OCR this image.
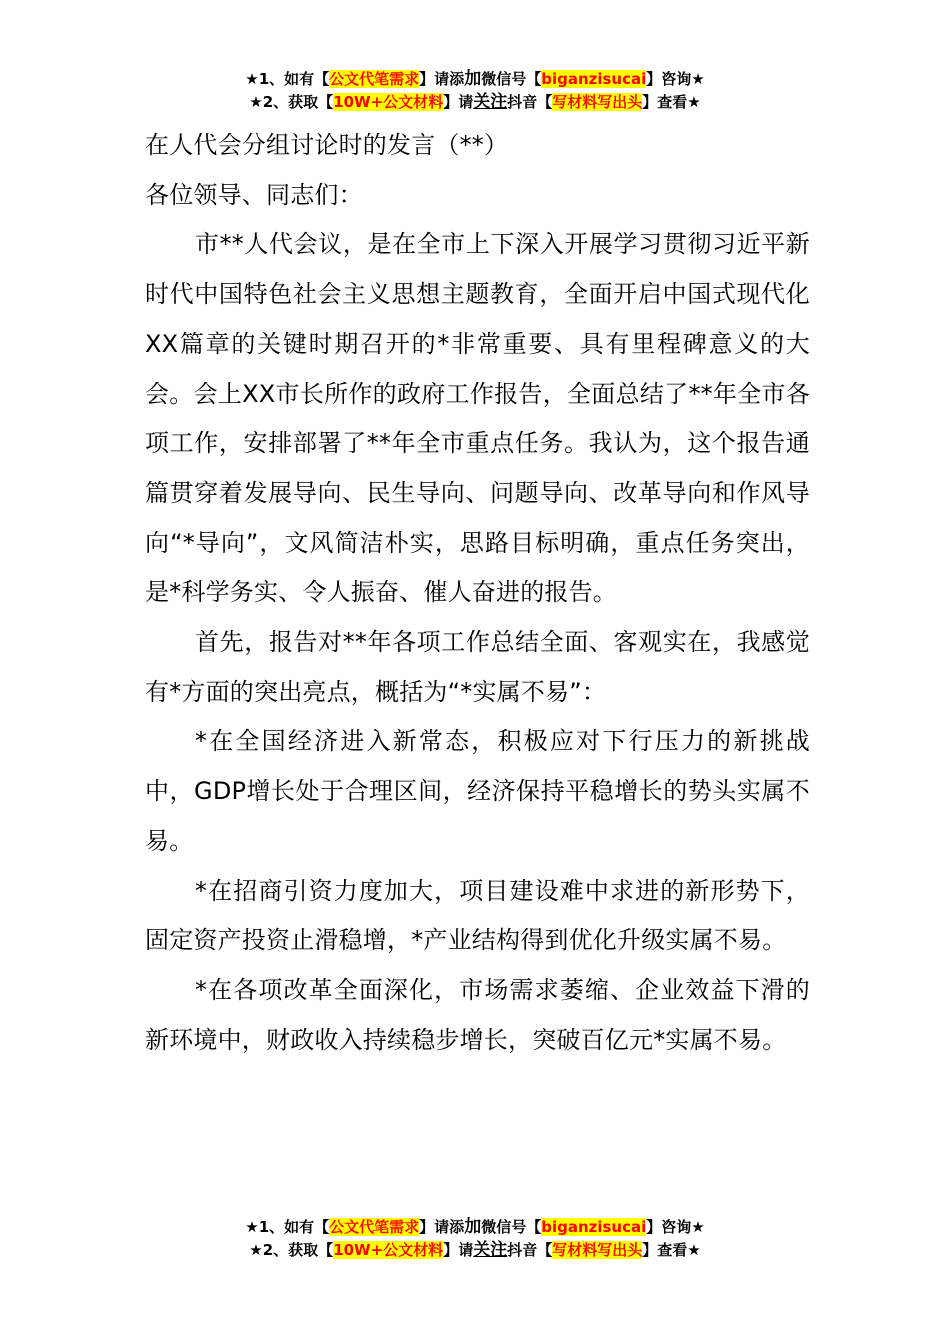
★1、如有【公文代笔需求】请添加微信号【biganzisucai】咨询★
★2、获取【10W+公文材料】请关注抖音【写材料写出头】查看★

在人代会分组讨论时的发言（**）

各位领导、同志们：

市**人代会议，是在全市上下深入开展学习贯彻习近平新时代中国特色社会主义思想主题教育，全面开启中国式现代化XX篇章的关键时期召开的*非常重要、具有里程碑意义的大会。会上XX市长所作的政府工作报告，全面总结了**年全市各项工作，安排部署了**年全市重点任务。我认为，这个报告通篇贯穿着发展导向、民生导向、问题导向、改革导向和作风导向“*导向”，文风简洁朴实，思路目标明确，重点任务突出，是*科学务实、令人振奋、催人奋进的报告。

首先，报告对**年各项工作总结全面、客观实在，我感觉有*方面的突出亮点，概括为“*实属不易”：

*在全国经济进入新常态，积极应对下行压力的新挑战中，GDP增长处于合理区间，经济保持平稳增长的势头实属不易。

*在招商引资力度加大，项目建设难中求进的新形势下，固定资产投资止滑稳增，*产业结构得到优化升级实属不易。

*在各项改革全面深化，市场需求萎缩、企业效益下滑的新环境中，财政收入持续稳步增长，突破百亿元*实属不易。

★1、如有【公文代笔需求】请添加微信号【biganzisucai】咨询★
★2、获取【10W+公文材料】请关注抖音【写材料写出头】查看★
